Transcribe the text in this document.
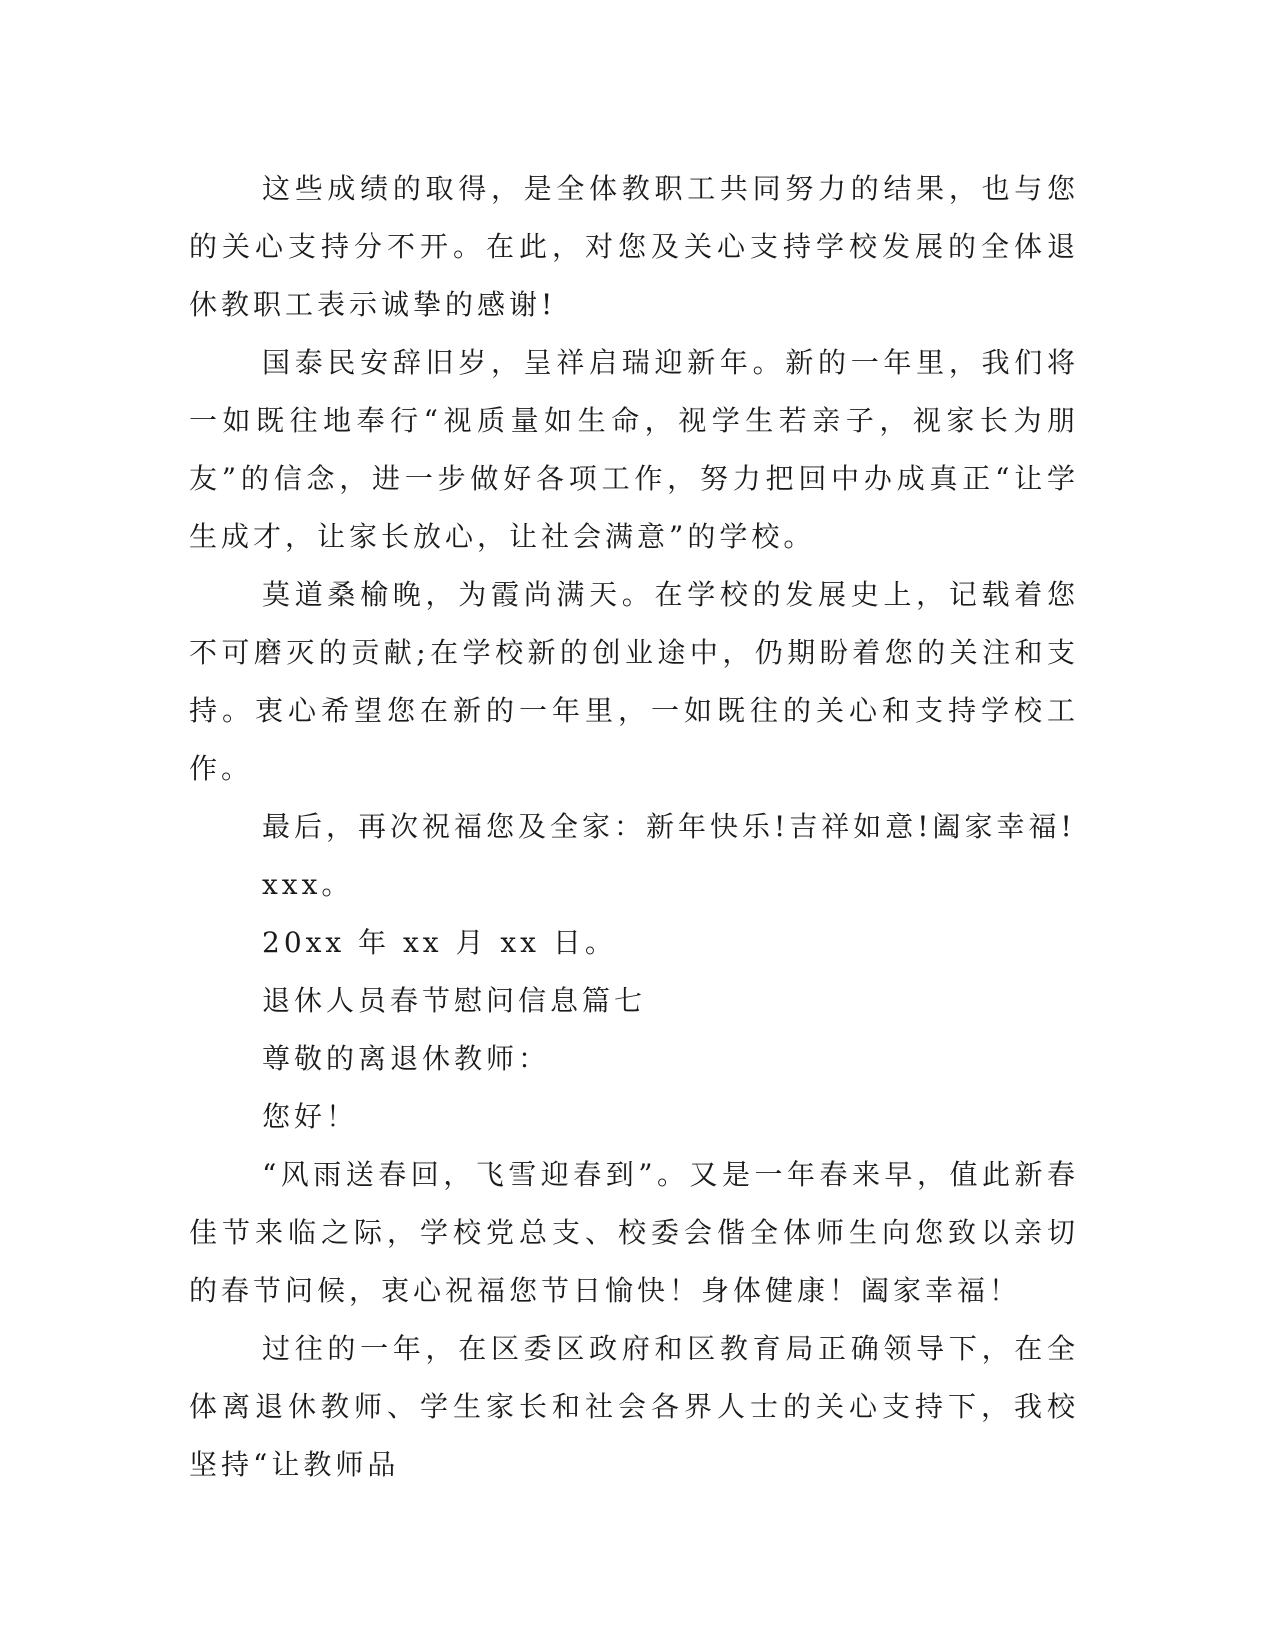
这些成绩的取得，是全体教职工共同努力的结果，也与您的关心支持分不开。在此，对您及关心支持学校发展的全体退休教职工表示诚挚的感谢!

国泰民安辞旧岁，呈祥启瑞迎新年。新的一年里，我们将一如既往地奉行“视质量如生命，视学生若亲子，视家长为朋友”的信念，进一步做好各项工作，努力把回中办成真正“让学生成才，让家长放心，让社会满意”的学校。

莫道桑榆晚，为霞尚满天。在学校的发展史上，记载着您不可磨灭的贡献;在学校新的创业途中，仍期盼着您的关注和支持。衷心希望您在新的一年里，一如既往的关心和支持学校工作。

最后，再次祝福您及全家：新年快乐!吉祥如意!阖家幸福!

xxx。

20xx 年 xx 月 xx 日。

退休人员春节慰问信息篇七

尊敬的离退休教师：

您好！

“风雨送春回，飞雪迎春到”。又是一年春来早，值此新春佳节来临之际，学校党总支、校委会偕全体师生向您致以亲切的春节问候，衷心祝福您节日愉快！身体健康！阖家幸福！

过往的一年，在区委区政府和区教育局正确领导下，在全体离退休教师、学生家长和社会各界人士的关心支持下，我校坚持“让教师品
